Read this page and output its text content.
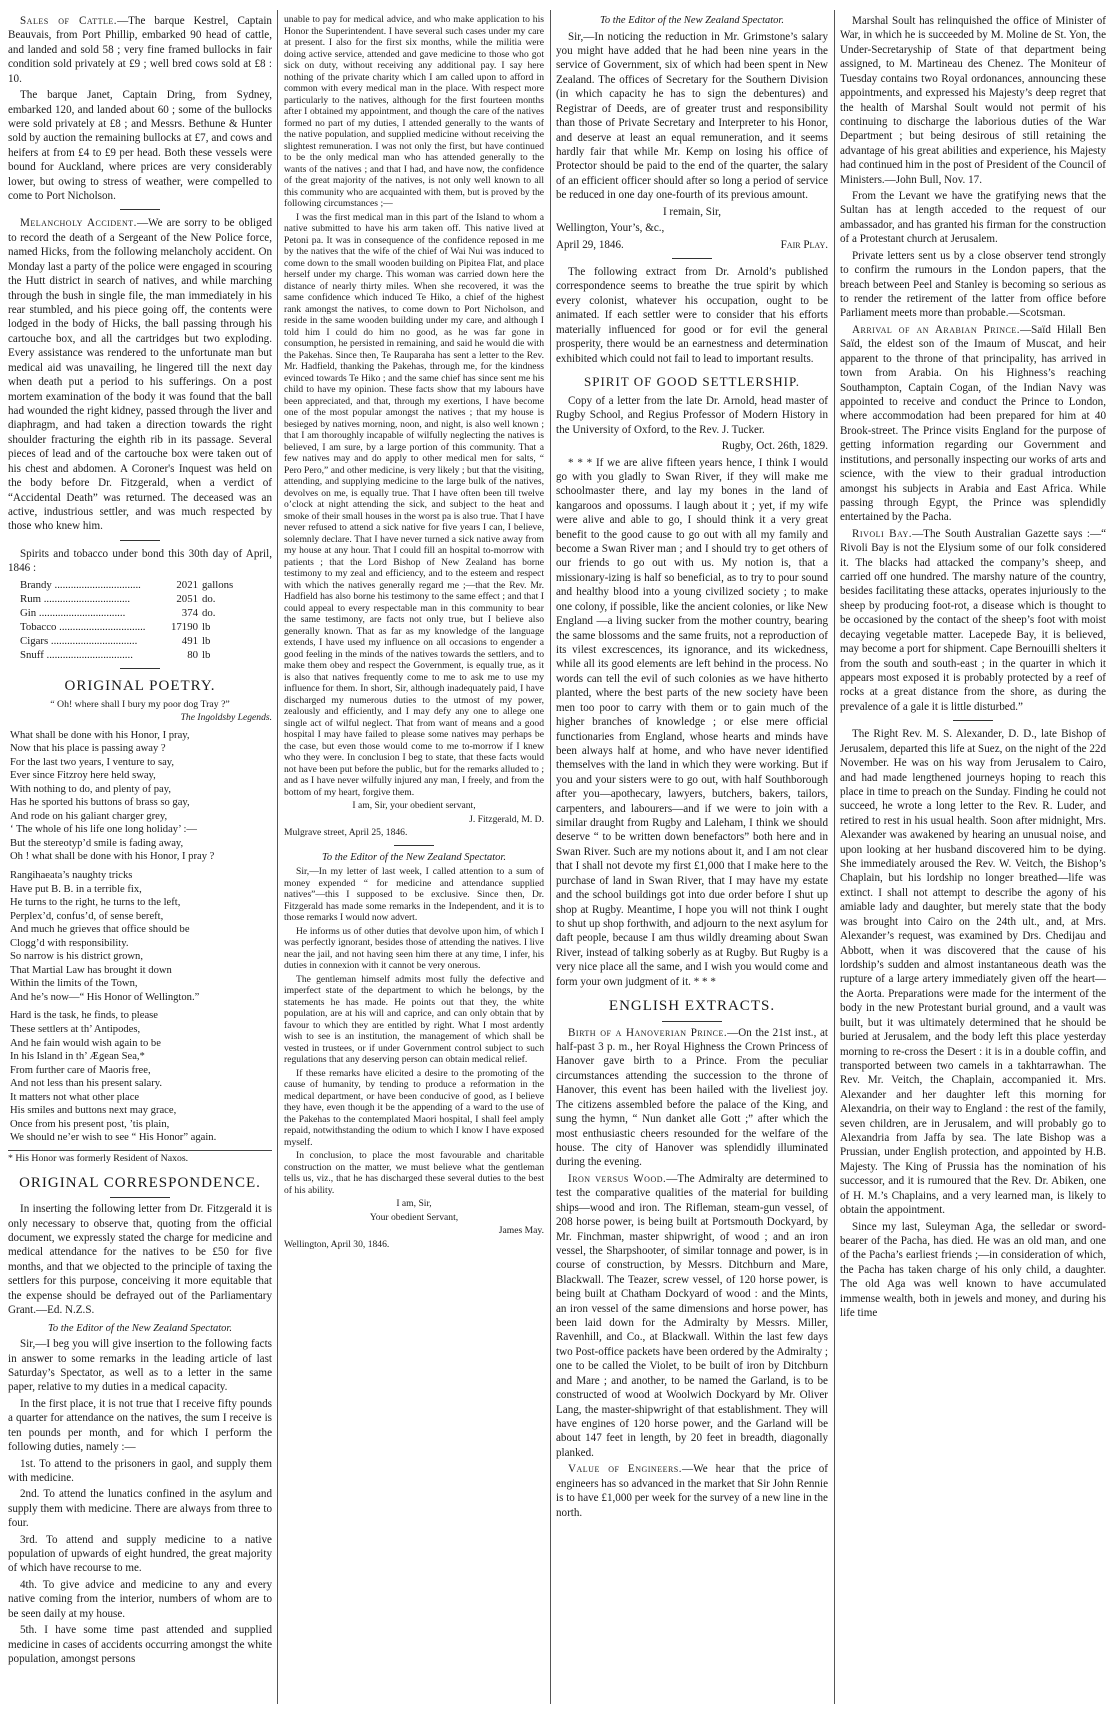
Sales of Cattle.—The barque Kestrel, Captain Beauvais, from Port Phillip, embarked 90 head of cattle, and landed and sold 58 ; very fine framed bullocks in fair condition sold privately at £9 ; well bred cows sold at £8 : 10.

The barque Janet, Captain Dring, from Sydney, embarked 120, and landed about 60 ; some of the bullocks were sold privately at £8 ; and Messrs. Bethune & Hunter sold by auction the remaining bullocks at £7, and cows and heifers at from £4 to £9 per head. Both these vessels were bound for Auckland, where prices are very considerably lower, but owing to stress of weather, were compelled to come to Port Nicholson.

Melancholy Accident.—We are sorry to be obliged to record the death of a Sergeant of the New Police force, named Hicks, from the following melancholy accident. On Monday last a party of the police were engaged in scouring the Hutt district in search of natives, and while marching through the bush in single file, the man immediately in his rear stumbled, and his piece going off, the contents were lodged in the body of Hicks, the ball passing through his cartouche box, and all the cartridges but two exploding. Every assistance was rendered to the unfortunate man but medical aid was unavailing, he lingered till the next day when death put a period to his sufferings. On a post mortem examination of the body it was found that the ball had wounded the right kidney, passed through the liver and diaphragm, and had taken a direction towards the right shoulder fracturing the eighth rib in its passage. Several pieces of lead and of the cartouche box were taken out of his chest and abdomen. A Coroner's Inquest was held on the body before Dr. Fitzgerald, when a verdict of “Accidental Death” was returned. The deceased was an active, industrious settler, and was much respected by those who knew him.

Spirits and tobacco under bond this 30th day of April, 1846 :

Brandy .....	2021 gallons
Rum .....	2051 do.
Gin .....	374 do.
Tobacco .....	17190 lb
Cigars .....	491 lb
Snuff .....	80 lb
ORIGINAL POETRY.
“ Oh! where shall I bury my poor dog Tray ?”
The Ingoldsby Legends.
What shall be done with his Honor, I pray,
Now that his place is passing away ?
For the last two years, I venture to say,
Ever since Fitzroy here held sway,
With nothing to do, and plenty of pay,
Has he sported his buttons of brass so gay,
And rode on his galiant charger grey,
‘ The whole of his life one long holiday’ :—
But the stereotyp’d smile is fading away,
Oh ! what shall be done with his Honor, I pray ?
Rangihaeata’s naughty tricks
Have put B. B. in a terrible fix,
He turns to the right, he turns to the left,
Perplex’d, confus’d, of sense bereft,
And much he grieves that office should be
Clogg’d with responsibility.
So narrow is his district grown,
That Martial Law has brought it down
Within the limits of the Town,
And he’s now—“ His Honor of Wellington.”
Hard is the task, he finds, to please
These settlers at th’ Antipodes,
And he fain would wish again to be
In his Island in th’ Ægean Sea,*
From further care of Maoris free,
And not less than his present salary.
It matters not what other place
His smiles and buttons next may grace,
Once from his present post, ’tis plain,
We should ne’er wish to see “ His Honor” again.
* His Honor was formerly Resident of Naxos.
ORIGINAL CORRESPONDENCE.

In inserting the following letter from Dr. Fitzgerald it is only necessary to observe that, quoting from the official document, we expressly stated the charge for medicine and medical attendance for the natives to be £50 for five months, and that we objected to the principle of taxing the settlers for this purpose, conceiving it more equitable that the expense should be defrayed out of the Parliamentary Grant.—Ed. N.Z.S.

To the Editor of the New Zealand Spectator.

Sir,—I beg you will give insertion to the following facts in answer to some remarks in the leading article of last Saturday’s Spectator, as well as to a letter in the same paper, relative to my duties in a medical capacity.

In the first place, it is not true that I receive fifty pounds a quarter for attendance on the natives, the sum I receive is ten pounds per month, and for which I perform the following duties, namely :—

1st. To attend to the prisoners in gaol, and supply them with medicine.

2nd. To attend the lunatics confined in the asylum and supply them with medicine. There are always from three to four.

3rd. To attend and supply medicine to a native population of upwards of eight hundred, the great majority of which have recourse to me.

4th. To give advice and medicine to any and every native coming from the interior, numbers of whom are to be seen daily at my house.

5th. I have some time past attended and supplied medicine in cases of accidents occurring amongst the white population, amongst persons

unable to pay for medical advice, and who make application to his Honor the Superintendent. I have several such cases under my care at present. I also for the first six months, while the militia were doing active service, attended and gave medicine to those who got sick on duty, without receiving any additional pay. I say here nothing of the private charity which I am called upon to afford in common with every medical man in the place. With respect more particularly to the natives, although for the first fourteen months after I obtained my appointment, and though the care of the natives formed no part of my duties, I attended generally to the wants of the native population, and supplied medicine without receiving the slightest remuneration. I was not only the first, but have continued to be the only medical man who has attended generally to the wants of the natives ; and that I had, and have now, the confidence of the great majority of the natives, is not only well known to all this community who are acquainted with them, but is proved by the following circumstances ;—

I was the first medical man in this part of the Island to whom a native submitted to have his arm taken off. This native lived at Petoni pa. It was in consequence of the confidence reposed in me by the natives that the wife of the chief of Wai Nui was induced to come down to the small wooden building on Pipitea Flat, and place herself under my charge. This woman was carried down here the distance of nearly thirty miles. When she recovered, it was the same confidence which induced Te Hiko, a chief of the highest rank amongst the natives, to come down to Port Nicholson, and reside in the same wooden building under my care, and although I told him I could do him no good, as he was far gone in consumption, he persisted in remaining, and said he would die with the Pakehas. Since then, Te Rauparaha has sent a letter to the Rev. Mr. Hadfield, thanking the Pakehas, through me, for the kindness evinced towards Te Hiko ; and the same chief has since sent me his child to have my opinion. These facts show that my labours have been appreciated, and that, through my exertions, I have become one of the most popular amongst the natives ; that my house is besieged by natives morning, noon, and night, is also well known ; that I am thoroughly incapable of wilfully neglecting the natives is believed, I am sure, by a large portion of this community. That a few natives may and do apply to other medical men for salts, “ Pero Pero,” and other medicine, is very likely ; but that the visiting, attending, and supplying medicine to the large bulk of the natives, devolves on me, is equally true. That I have often been till twelve o’clock at night attending the sick, and subject to the heat and smoke of their small houses in the worst pa is also true. That I have never refused to attend a sick native for five years I can, I believe, solemnly declare. That I have never turned a sick native away from my house at any hour. That I could fill an hospital to-morrow with patients ; that the Lord Bishop of New Zealand has borne testimony to my zeal and efficiency, and to the esteem and respect with which the natives generally regard me ;—that the Rev. Mr. Hadfield has also borne his testimony to the same effect ; and that I could appeal to every respectable man in this community to bear the same testimony, are facts not only true, but I believe also generally known. That as far as my knowledge of the language extends, I have used my influence on all occasions to engender a good feeling in the minds of the natives towards the settlers, and to make them obey and respect the Government, is equally true, as it is also that natives frequently come to me to ask me to use my influence for them. In short, Sir, although inadequately paid, I have discharged my numerous duties to the utmost of my power, zealously and efficiently, and I may defy any one to allege one single act of wilful neglect. That from want of means and a good hospital I may have failed to please some natives may perhaps be the case, but even those would come to me to-morrow if I knew who they were. In conclusion I beg to state, that these facts would not have been put before the public, but for the remarks alluded to ; and as I have never wilfully injured any man, I freely, and from the bottom of my heart, forgive them.

I am, Sir, your obedient servant,

J. Fitzgerald, M. D.

Mulgrave street, April 25, 1846.

To the Editor of the New Zealand Spectator.

Sir,—In my letter of last week, I called attention to a sum of money expended “ for medicine and attendance supplied natives”—this I supposed to be exclusive. Since then, Dr. Fitzgerald has made some remarks in the Independent, and it is to those remarks I would now advert.

He informs us of other duties that devolve upon him, of which I was perfectly ignorant, besides those of attending the natives. I live near the jail, and not having seen him there at any time, I infer, his duties in connexion with it cannot be very onerous.

The gentleman himself admits most fully the defective and imperfect state of the department to which he belongs, by the statements he has made. He points out that they, the white population, are at his will and caprice, and can only obtain that by favour to which they are entitled by right. What I most ardently wish to see is an institution, the management of which shall be vested in trustees, or if under Government control subject to such regulations that any deserving person can obtain medical relief.

If these remarks have elicited a desire to the promoting of the cause of humanity, by tending to produce a reformation in the medical department, or have been conducive of good, as I believe they have, even though it be the appending of a ward to the use of the Pakehas to the contemplated Maori hospital, I shall feel amply repaid, notwithstanding the odium to which I know I have exposed myself.

In conclusion, to place the most favourable and charitable construction on the matter, we must believe what the gentleman tells us, viz., that he has discharged these several duties to the best of his ability.

I am, Sir,

Your obedient Servant,

James May.

Wellington, April 30, 1846.

To the Editor of the New Zealand Spectator.

Sir,—In noticing the reduction in Mr. Grimstone’s salary you might have added that he had been nine years in the service of Government, six of which had been spent in New Zealand. The offices of Secretary for the Southern Division (in which capacity he has to sign the debentures) and Registrar of Deeds, are of greater trust and responsibility than those of Private Secretary and Interpreter to his Honor, and deserve at least an equal remuneration, and it seems hardly fair that while Mr. Kemp on losing his office of Protector should be paid to the end of the quarter, the salary of an efficient officer should after so long a period of service be reduced in one day one-fourth of its previous amount.

I remain, Sir,

Wellington, Your’s, &c.,

April 29, 1846.	Fair Play.

The following extract from Dr. Arnold’s published correspondence seems to breathe the true spirit by which every colonist, whatever his occupation, ought to be animated. If each settler were to consider that his efforts materially influenced for good or for evil the general prosperity, there would be an earnestness and determination exhibited which could not fail to lead to important results.

SPIRIT OF GOOD SETTLERSHIP.

Copy of a letter from the late Dr. Arnold, head master of Rugby School, and Regius Professor of Modern History in the University of Oxford, to the Rev. J. Tucker.

Rugby, Oct. 26th, 1829.

* * * If we are alive fifteen years hence, I think I would go with you gladly to Swan River, if they will make me schoolmaster there, and lay my bones in the land of kangaroos and opossums. I laugh about it ; yet, if my wife were alive and able to go, I should think it a very great benefit to the good cause to go out with all my family and become a Swan River man ; and I should try to get others of our friends to go out with us. My notion is, that a missionary-izing is half so beneficial, as to try to pour sound and healthy blood into a young civilized society ; to make one colony, if possible, like the ancient colonies, or like New England —a living sucker from the mother country, bearing the same blossoms and the same fruits, not a reproduction of its vilest excrescences, its ignorance, and its wickedness, while all its good elements are left behind in the process. No words can tell the evil of such colonies as we have hitherto planted, where the best parts of the new society have been men too poor to carry with them or to gain much of the higher branches of knowledge ; or else mere official functionaries from England, whose hearts and minds have been always half at home, and who have never identified themselves with the land in which they were working. But if you and your sisters were to go out, with half Southborough after you—apothecary, lawyers, butchers, bakers, tailors, carpenters, and labourers—and if we were to join with a similar draught from Rugby and Laleham, I think we should deserve “ to be written down benefactors” both here and in Swan River. Such are my notions about it, and I am not clear that I shall not devote my first £1,000 that I make here to the purchase of land in Swan River, that I may have my estate and the school buildings got into due order before I shut up shop at Rugby. Meantime, I hope you will not think I ought to shut up shop forthwith, and adjourn to the next asylum for daft people, because I am thus wildly dreaming about Swan River, instead of talking soberly as at Rugby. But Rugby is a very nice place all the same, and I wish you would come and form your own judgment of it. * * *

ENGLISH EXTRACTS.

Birth of a Hanoverian Prince.—On the 21st inst., at half-past 3 p. m., her Royal Highness the Crown Princess of Hanover gave birth to a Prince. From the peculiar circumstances attending the succession to the throne of Hanover, this event has been hailed with the liveliest joy. The citizens assembled before the palace of the King, and sung the hymn, “ Nun danket alle Gott ;” after which the most enthusiastic cheers resounded for the welfare of the house. The city of Hanover was splendidly illuminated during the evening.

Iron versus Wood.—The Admiralty are determined to test the comparative qualities of the material for building ships—wood and iron. The Rifleman, steam-gun vessel, of 208 horse power, is being built at Portsmouth Dockyard, by Mr. Finchman, master shipwright, of wood ; and an iron vessel, the Sharpshooter, of similar tonnage and power, is in course of construction, by Messrs. Ditchburn and Mare, Blackwall. The Teazer, screw vessel, of 120 horse power, is being built at Chatham Dockyard of wood : and the Mints, an iron vessel of the same dimensions and horse power, has been laid down for the Admiralty by Messrs. Miller, Ravenhill, and Co., at Blackwall. Within the last few days two Post-office packets have been ordered by the Admiralty ; one to be called the Violet, to be built of iron by Ditchburn and Mare ; and another, to be named the Garland, is to be constructed of wood at Woolwich Dockyard by Mr. Oliver Lang, the master-shipwright of that establishment. They will have engines of 120 horse power, and the Garland will be about 147 feet in length, by 20 feet in breadth, diagonally planked.

Value of Engineers.—We hear that the price of engineers has so advanced in the market that Sir John Rennie is to have £1,000 per week for the survey of a new line in the north.

Marshal Soult has relinquished the office of Minister of War, in which he is succeeded by M. Moline de St. Yon, the Under-Secretaryship of State of that department being assigned, to M. Martineau des Chenez. The Moniteur of Tuesday contains two Royal ordonances, announcing these appointments, and expressed his Majesty’s deep regret that the health of Marshal Soult would not permit of his continuing to discharge the laborious duties of the War Department ; but being desirous of still retaining the advantage of his great abilities and experience, his Majesty had continued him in the post of President of the Council of Ministers.—John Bull, Nov. 17.

From the Levant we have the gratifying news that the Sultan has at length acceded to the request of our ambassador, and has granted his firman for the construction of a Protestant church at Jerusalem.

Private letters sent us by a close observer tend strongly to confirm the rumours in the London papers, that the breach between Peel and Stanley is becoming so serious as to render the retirement of the latter from office before Parliament meets more than probable.—Scotsman.

Arrival of an Arabian Prince.—Saïd Hilall Ben Saïd, the eldest son of the Imaum of Muscat, and heir apparent to the throne of that principality, has arrived in town from Arabia. On his Highness’s reaching Southampton, Captain Cogan, of the Indian Navy was appointed to receive and conduct the Prince to London, where accommodation had been prepared for him at 40 Brook-street. The Prince visits England for the purpose of getting information regarding our Government and institutions, and personally inspecting our works of arts and science, with the view to their gradual introduction amongst his subjects in Arabia and East Africa. While passing through Egypt, the Prince was splendidly entertained by the Pacha.

Rivoli Bay.—The South Australian Gazette says :—“ Rivoli Bay is not the Elysium some of our folk considered it. The blacks had attacked the company’s sheep, and carried off one hundred. The marshy nature of the country, besides facilitating these attacks, operates injuriously to the sheep by producing foot-rot, a disease which is thought to be occasioned by the contact of the sheep’s foot with moist decaying vegetable matter. Lacepede Bay, it is believed, may become a port for shipment. Cape Bernouilli shelters it from the south and south-east ; in the quarter in which it appears most exposed it is probably protected by a reef of rocks at a great distance from the shore, as during the prevalence of a gale it is little disturbed.”

The Right Rev. M. S. Alexander, D. D., late Bishop of Jerusalem, departed this life at Suez, on the night of the 22d November. He was on his way from Jerusalem to Cairo, and had made lengthened journeys hoping to reach this place in time to preach on the Sunday. Finding he could not succeed, he wrote a long letter to the Rev. R. Luder, and retired to rest in his usual health. Soon after midnight, Mrs. Alexander was awakened by hearing an unusual noise, and upon looking at her husband discovered him to be dying. She immediately aroused the Rev. W. Veitch, the Bishop’s Chaplain, but his lordship no longer breathed—life was extinct. I shall not attempt to describe the agony of his amiable lady and daughter, but merely state that the body was brought into Cairo on the 24th ult., and, at Mrs. Alexander’s request, was examined by Drs. Chedijau and Abbott, when it was discovered that the cause of his lordship’s sudden and almost instantaneous death was the rupture of a large artery immediately given off the heart—the Aorta. Preparations were made for the interment of the body in the new Protestant burial ground, and a vault was built, but it was ultimately determined that he should be buried at Jerusalem, and the body left this place yesterday morning to re-cross the Desert : it is in a double coffin, and transported between two camels in a takhtarrawhan. The Rev. Mr. Veitch, the Chaplain, accompanied it. Mrs. Alexander and her daughter left this morning for Alexandria, on their way to England : the rest of the family, seven children, are in Jerusalem, and will probably go to Alexandria from Jaffa by sea. The late Bishop was a Prussian, under English protection, and appointed by H.B. Majesty. The King of Prussia has the nomination of his successor, and it is rumoured that the Rev. Dr. Abiken, one of H. M.’s Chaplains, and a very learned man, is likely to obtain the appointment.

Since my last, Suleyman Aga, the selledar or sword-bearer of the Pacha, has died. He was an old man, and one of the Pacha’s earliest friends ;—in consideration of which, the Pacha has taken charge of his only child, a daughter. The old Aga was well known to have accumulated immense wealth, both in jewels and money, and during his life time
